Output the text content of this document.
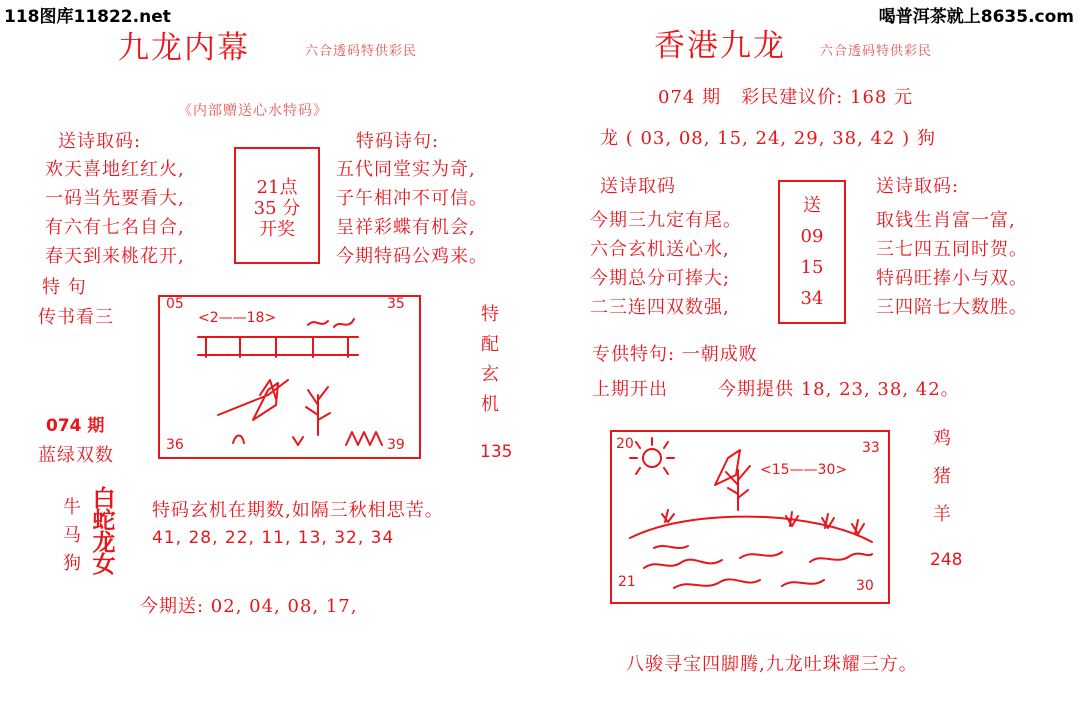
118图库11822.net	喝普洱茶就上8635.com
九龙内幕	六合透码特供彩民
《内部赠送心水特码》
送诗取码:
欢天喜地红红火,
一码当先要看大,
有六有七名自合,
春天到来桃花开,
21点
35 分
开奖
特码诗句:
五代同堂实为奇,
子午相冲不可信。
呈祥彩蝶有机会,
今期特码公鸡来。
特 句
传书看三
074 期
蓝绿双数
05	35
36	39
<2——18>	特
配
玄
机
135
牛
马
狗
白
蛇
龙
女
特码玄机在期数,如隔三秋相思苦。
41, 28, 22, 11, 13, 32, 34
今期送: 02, 04, 08, 17,
香港九龙	六合透码特供彩民
074 期   彩民建议价: 168 元
龙 ( 03, 08, 15, 24, 29, 38, 42 ) 狗
送诗取码
今期三九定有尾。
六合玄机送心水,
今期总分可捧大;
二三连四双数强,
送
09
15
34
送诗取码:
取钱生肖富一富,
三七四五同时贺。
特码旺捧小与双。
三四陪七大数胜。
专供特句: 一朝成败
上期开出	今期提供 18, 23, 38, 42。
20	33
21	30
<15——30>
鸡
猪
羊
248
八骏寻宝四脚腾,九龙吐珠耀三方。
